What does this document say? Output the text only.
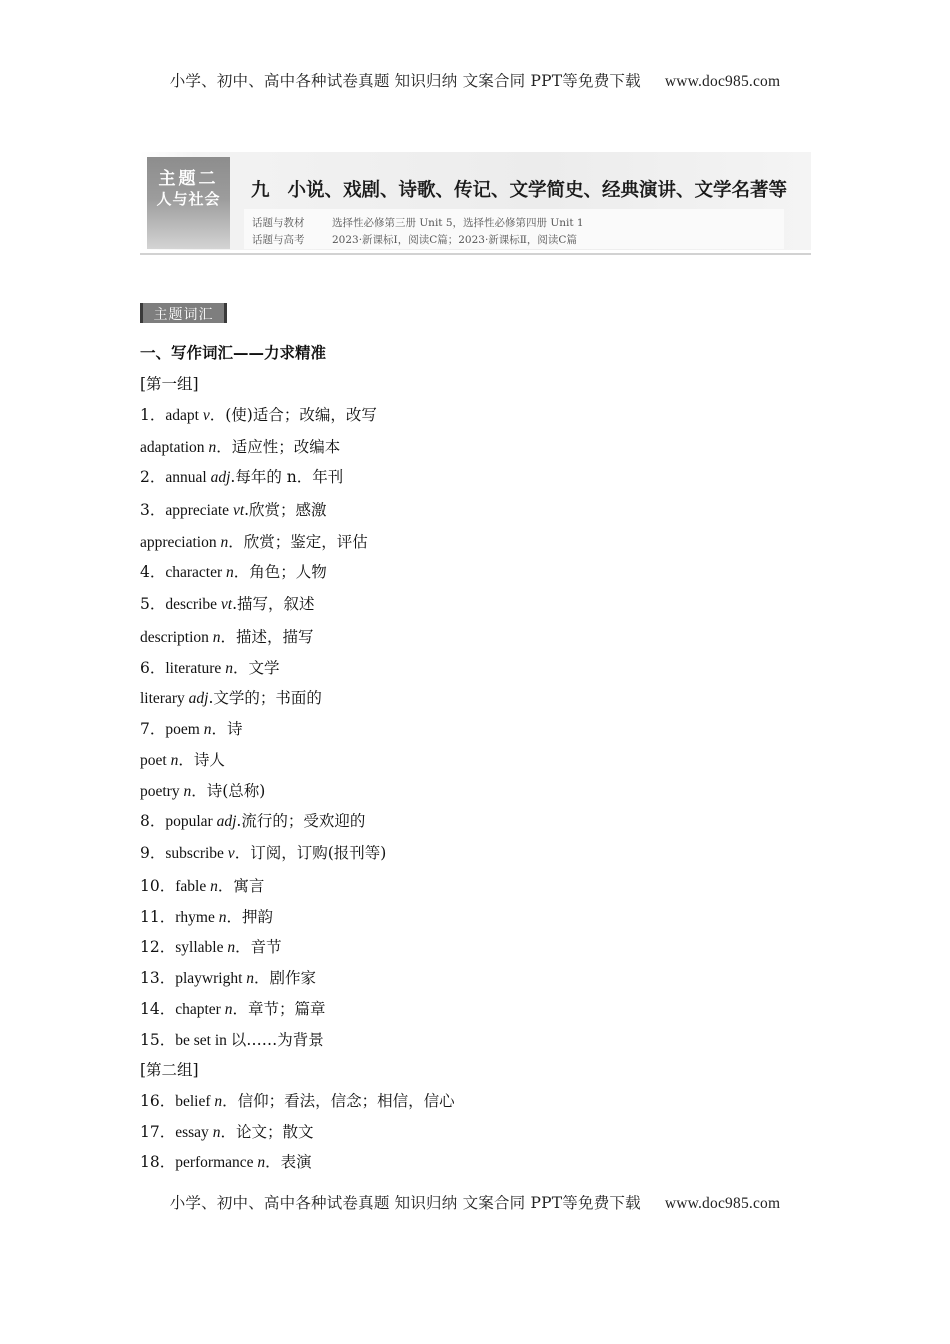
小学、初中、高中各种试卷真题 知识归纳 文案合同 PPT等免费下载 www.doc985.com
主题二
人与社会	九 小说、戏剧、诗歌、传记、文学简史、经典演讲、文学名著等
话题与教材	选择性必修第三册 Unit 5，选择性必修第四册 Unit 1
话题与高考	2023·新课标Ⅰ，阅读C篇；2023·新课标Ⅱ，阅读C篇
主题词汇
一、写作词汇——力求精准
[第一组]
1．adapt v．(使)适合；改编，改写
adaptation n．适应性；改编本
2．annual adj.每年的 n．年刊
3．appreciate vt.欣赏；感激
appreciation n．欣赏；鉴定，评估
4．character n．角色；人物
5．describe vt.描写，叙述
description n．描述，描写
6．literature n．文学
literary adj.文学的；书面的
7．poem n．诗
poet n．诗人
poetry n．诗(总称)
8．popular adj.流行的；受欢迎的
9．subscribe v．订阅，订购(报刊等)
10．fable n．寓言
11．rhyme n．押韵
12．syllable n．音节
13．playwright n．剧作家
14．chapter n．章节；篇章
15．be set in 以……为背景
[第二组]
16．belief n．信仰；看法，信念；相信，信心
17．essay n．论文；散文
18．performance n．表演
小学、初中、高中各种试卷真题 知识归纳 文案合同 PPT等免费下载 www.doc985.com
